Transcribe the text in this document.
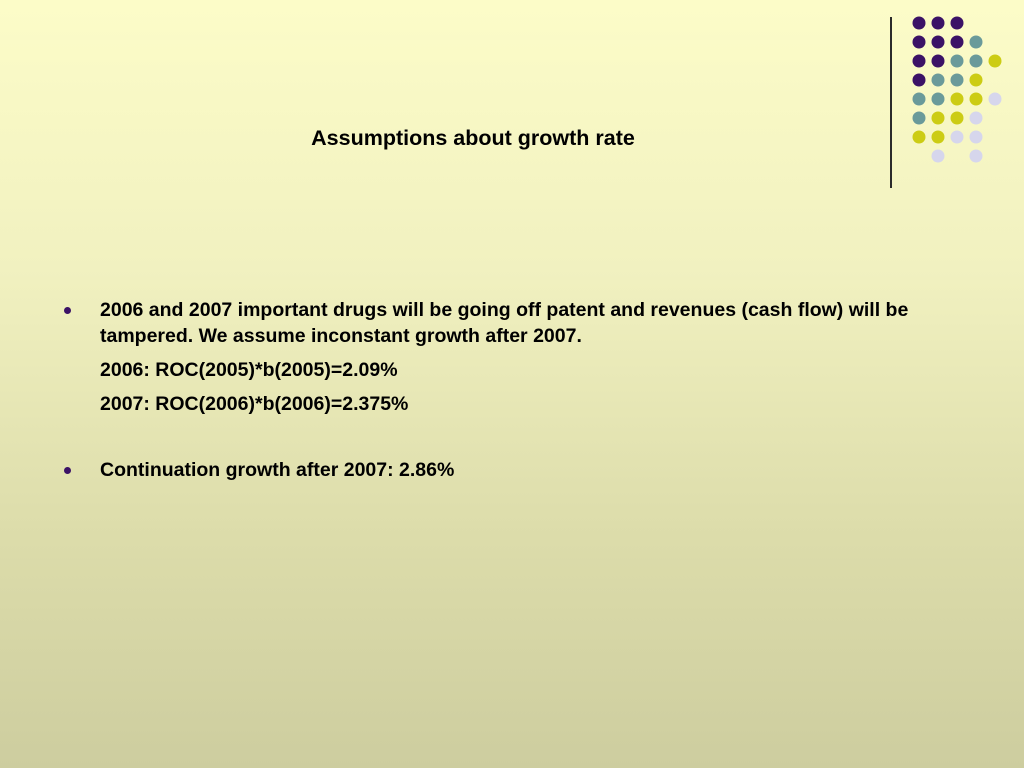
Assumptions about growth rate

2006 and 2007 important drugs will be going off patent and revenues (cash flow) will be tampered. We assume inconstant growth after 2007.

2006: ROC(2005)*b(2005)=2.09%

2007: ROC(2006)*b(2006)=2.375%

Continuation growth after 2007: 2.86%
